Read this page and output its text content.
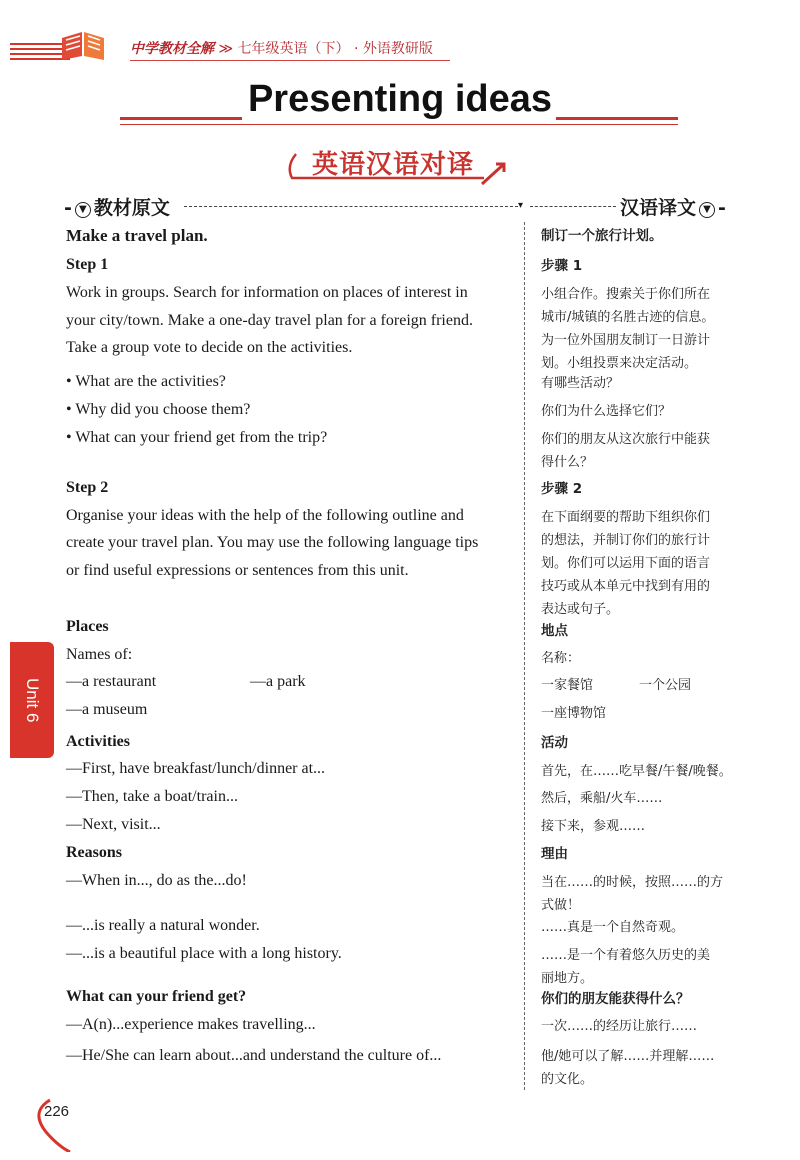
中学教材全解 ≫ 七年级英语（下） · 外语教研版
Presenting ideas
英语汉语对译
- ▼ 教材原文	▾	汉语译文 ▼ -
Make a travel plan.
Step 1
Work in groups. Search for information on places of interest in
your city/town. Make a one-day travel plan for a foreign friend.
Take a group vote to decide on the activities.
• What are the activities?
• Why did you choose them?
• What can your friend get from the trip?
Step 2
Organise your ideas with the help of the following outline and
create your travel plan. You may use the following language tips
or find useful expressions or sentences from this unit.
Places
Names of:
—a restaurant	—a park
—a museum
Activities
—First, have breakfast/lunch/dinner at...
—Then, take a boat/train...
—Next, visit...
Reasons
—When in..., do as the...do!
—...is really a natural wonder.
—...is a beautiful place with a long history.
What can your friend get?
—A(n)...experience makes travelling...
—He/She can learn about...and understand the culture of...
制订一个旅行计划。
步骤 1
小组合作。搜索关于你们所在
城市/城镇的名胜古迹的信息。
为一位外国朋友制订一日游计
划。小组投票来决定活动。
有哪些活动？
你们为什么选择它们？
你们的朋友从这次旅行中能获
得什么？
步骤 2
在下面纲要的帮助下组织你们
的想法，并制订你们的旅行计
划。你们可以运用下面的语言
技巧或从本单元中找到有用的
表达或句子。
地点
名称：
一家餐馆	一个公园
一座博物馆
活动
首先，在……吃早餐/午餐/晚餐。
然后，乘船/火车……
接下来，参观……
理由
当在……的时候，按照……的方
式做！
……真是一个自然奇观。
……是一个有着悠久历史的美
丽地方。
你们的朋友能获得什么？
一次……的经历让旅行……
他/她可以了解……并理解……
的文化。
Unit 6
226
